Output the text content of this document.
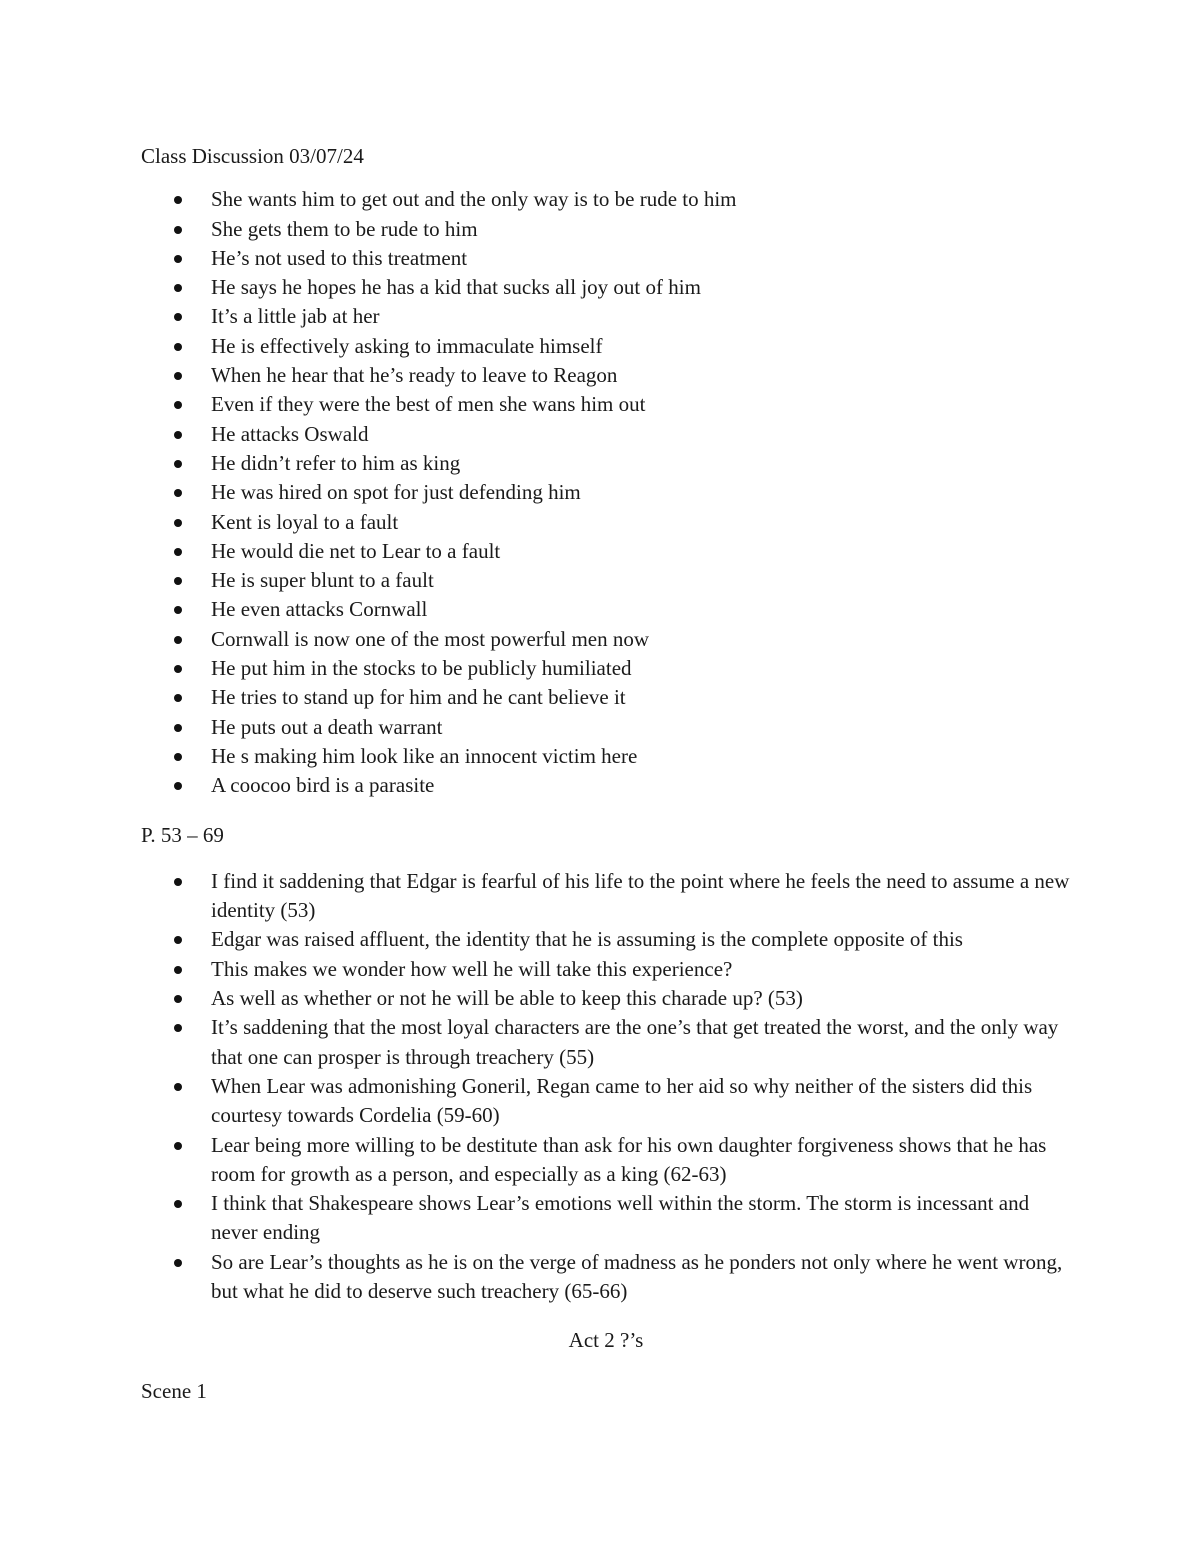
Class Discussion 03/07/24

She wants him to get out and the only way is to be rude to him
She gets them to be rude to him
He’s not used to this treatment
He says he hopes he has a kid that sucks all joy out of him
It’s a little jab at her
He is effectively asking to immaculate himself
When he hear that he’s ready to leave to Reagon
Even if they were the best of men she wans him out
He attacks Oswald
He didn’t refer to him as king
He was hired on spot for just defending him
Kent is loyal to a fault
He would die net to Lear to a fault
He is super blunt to a fault
He even attacks Cornwall
Cornwall is now one of the most powerful men now
He put him in the stocks to be publicly humiliated
He tries to stand up for him and he cant believe it
He puts out a death warrant
He s making him look like an innocent victim here
A coocoo bird is a parasite

P. 53 – 69

I find it saddening that Edgar is fearful of his life to the point where he feels the need to assume a new identity (53)
Edgar was raised affluent, the identity that he is assuming is the complete opposite of this
This makes we wonder how well he will take this experience?
As well as whether or not he will be able to keep this charade up? (53)
It’s saddening that the most loyal characters are the one’s that get treated the worst, and the only way that one can prosper is through treachery (55)
When Lear was admonishing Goneril, Regan came to her aid so why neither of the sisters did this courtesy towards Cordelia (59-60)
Lear being more willing to be destitute than ask for his own daughter forgiveness shows that he has room for growth as a person, and especially as a king (62-63)
I think that Shakespeare shows Lear’s emotions well within the storm. The storm is incessant and never ending
So are Lear’s thoughts as he is on the verge of madness as he ponders not only where he went wrong, but what he did to deserve such treachery (65-66)

Act 2 ?’s

Scene 1
